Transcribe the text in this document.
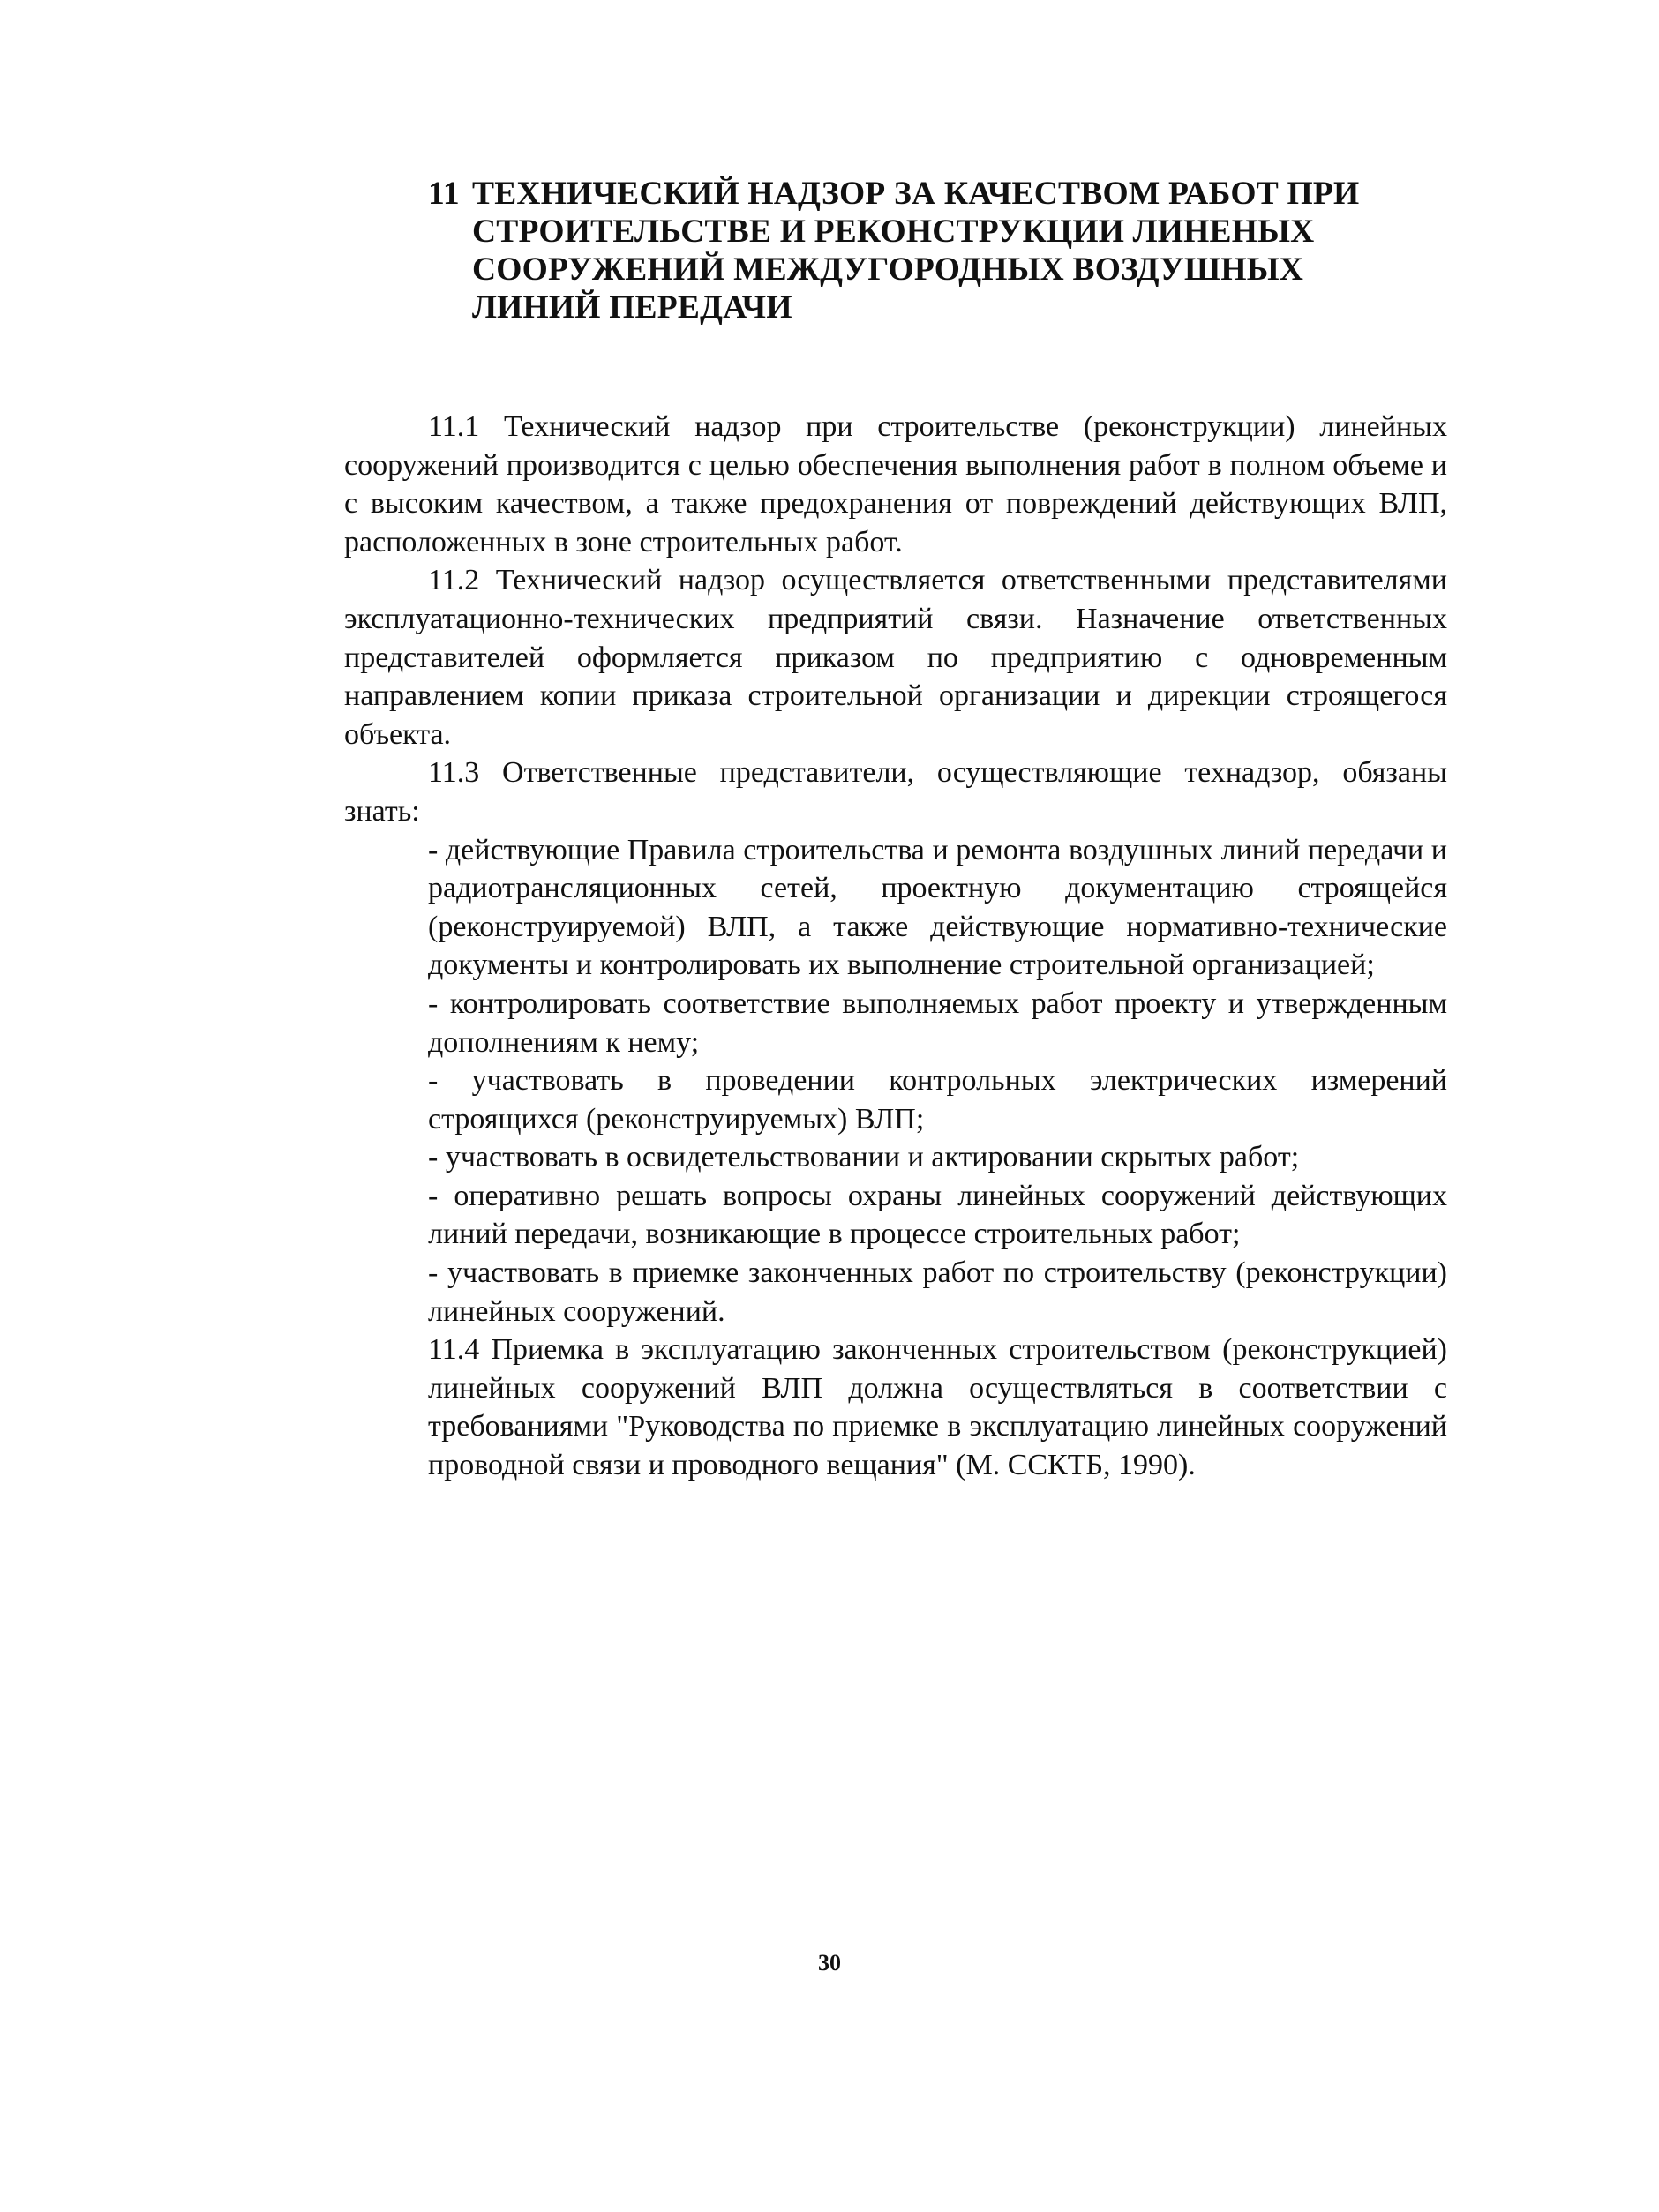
11 ТЕХНИЧЕСКИЙ НАДЗОР ЗА КАЧЕСТВОМ РАБОТ ПРИ
СТРОИТЕЛЬСТВЕ И РЕКОНСТРУКЦИИ ЛИНЕНЫХ
СООРУЖЕНИЙ МЕЖДУГОРОДНЫХ ВОЗДУШНЫХ
ЛИНИЙ ПЕРЕДАЧИ

11.1 Технический надзор при строительстве (реконструкции) линейных сооружений производится с целью обеспечения выполнения работ в полном объеме и с высоким качеством, а также предохранения от повреждений действующих ВЛП, расположенных в зоне строительных работ.

11.2 Технический надзор осуществляется ответственными представителями эксплуатационно-технических предприятий связи. Назначение ответственных представителей оформляется приказом по предприятию с одновременным направлением копии приказа строительной организации и дирекции строящегося объекта.

11.3 Ответственные представители, осуществляющие технадзор, обязаны знать:

- действующие Правила строительства и ремонта воздушных линий передачи и радиотрансляционных сетей, проектную документацию строящейся (реконструируемой) ВЛП, а также действующие нормативно-технические документы и контролировать их выполнение строительной организацией;

- контролировать соответствие выполняемых работ проекту и утвержденным дополнениям к нему;

- участвовать в проведении контрольных электрических измерений строящихся (реконструируемых) ВЛП;

- участвовать в освидетельствовании и актировании скрытых работ;

- оперативно решать вопросы охраны линейных сооружений действующих линий передачи, возникающие в процессе строительных работ;

- участвовать в приемке законченных работ по строительству (реконструкции) линейных сооружений.

11.4 Приемка в эксплуатацию законченных строительством (реконструкцией) линейных сооружений ВЛП должна осуществляться в соответствии с требованиями "Руководства по приемке в эксплуатацию линейных сооружений проводной связи и проводного вещания" (М. ССКТБ, 1990).

30
